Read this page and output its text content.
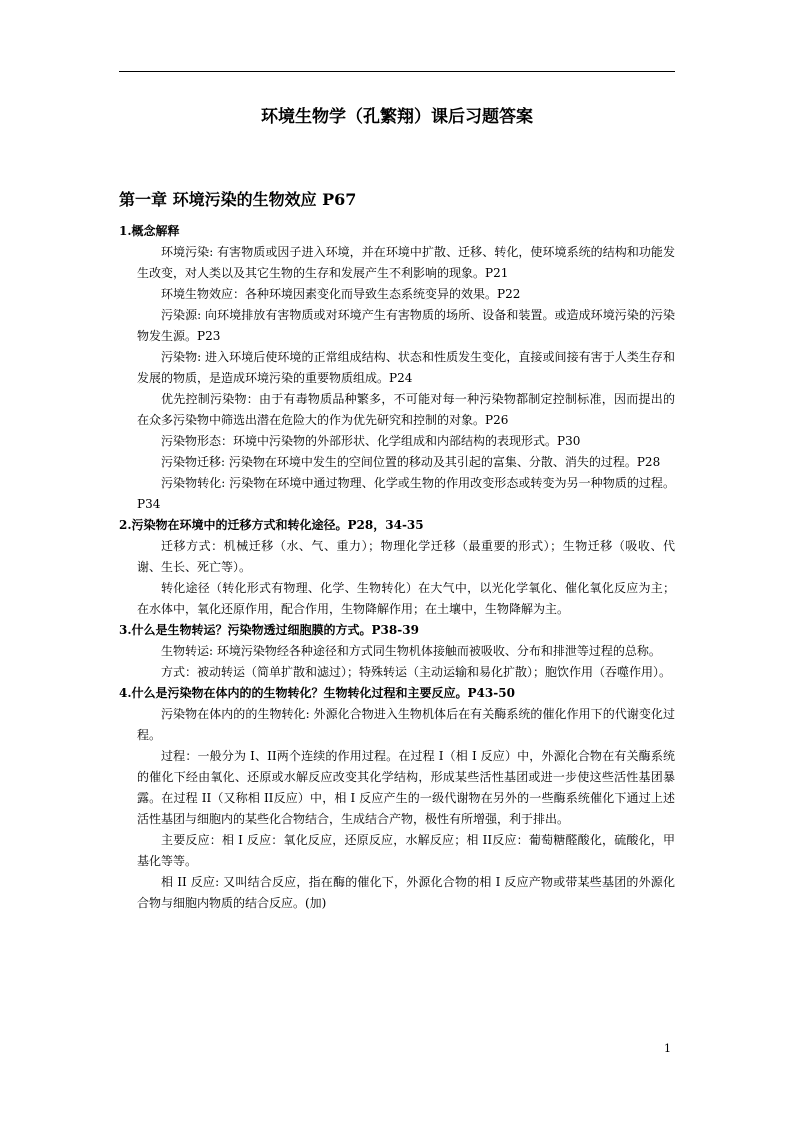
环境生物学（孔繁翔）课后习题答案
第一章 环境污染的生物效应 P67

1.概念解释

环境污染: 有害物质或因子进入环境，并在环境中扩散、迁移、转化，使环境系统的结构和功能发生改变，对人类以及其它生物的生存和发展产生不利影响的现象。P21

环境生物效应：各种环境因素变化而导致生态系统变异的效果。P22

污染源: 向环境排放有害物质或对环境产生有害物质的场所、设备和装置。或造成环境污染的污染物发生源。P23

污染物: 进入环境后使环境的正常组成结构、状态和性质发生变化，直接或间接有害于人类生存和发展的物质，是造成环境污染的重要物质组成。P24

优先控制污染物：由于有毒物质品种繁多，不可能对每一种污染物都制定控制标准，因而提出的在众多污染物中筛选出潜在危险大的作为优先研究和控制的对象。P26

污染物形态：环境中污染物的外部形状、化学组成和内部结构的表现形式。P30

污染物迁移: 污染物在环境中发生的空间位置的移动及其引起的富集、分散、消失的过程。P28

污染物转化: 污染物在环境中通过物理、化学或生物的作用改变形态或转变为另一种物质的过程。P34

2.污染物在环境中的迁移方式和转化途径。P28，34-35

迁移方式：机械迁移（水、气、重力）；物理化学迁移（最重要的形式）；生物迁移（吸收、代谢、生长、死亡等）。

转化途径（转化形式有物理、化学、生物转化）在大气中，以光化学氧化、催化氧化反应为主；在水体中，氧化还原作用，配合作用，生物降解作用；在土壤中，生物降解为主。

3.什么是生物转运？污染物透过细胞膜的方式。P38-39

生物转运: 环境污染物经各种途径和方式同生物机体接触而被吸收、分布和排泄等过程的总称。

方式：被动转运（简单扩散和滤过）；特殊转运（主动运输和易化扩散）；胞饮作用（吞噬作用）。

4.什么是污染物在体内的的生物转化？生物转化过程和主要反应。P43-50

污染物在体内的的生物转化: 外源化合物进入生物机体后在有关酶系统的催化作用下的代谢变化过程。

过程：一般分为 I、II两个连续的作用过程。在过程 I（相 I 反应）中，外源化合物在有关酶系统的催化下经由氧化、还原或水解反应改变其化学结构，形成某些活性基团或进一步使这些活性基团暴露。在过程 II（又称相 II反应）中，相 I 反应产生的一级代谢物在另外的一些酶系统催化下通过上述活性基团与细胞内的某些化合物结合，生成结合产物，极性有所增强，利于排出。

主要反应：相 I 反应：氧化反应，还原反应，水解反应；相 II反应：葡萄糖醛酸化，硫酸化，甲基化等等。

相 II 反应: 又叫结合反应，指在酶的催化下，外源化合物的相 I 反应产物或带某些基团的外源化合物与细胞内物质的结合反应。(加)

1
